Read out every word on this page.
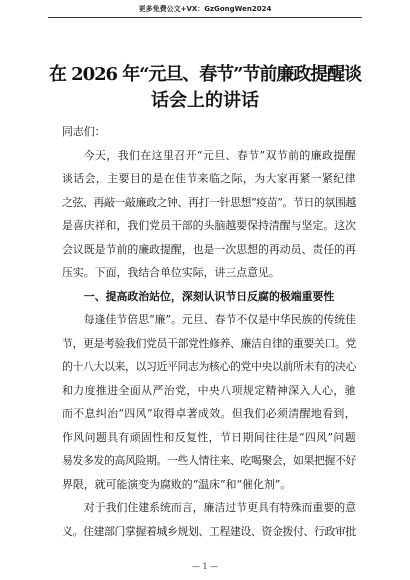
更多免费公文+VX：GzGongWen2024
在 2026 年“元旦、春节”节前廉政提醒谈
话会上的讲话
同志们：
今天，我们在这里召开“元旦、春节”双节前的廉政提醒
谈话会，主要目的是在佳节来临之际，为大家再紧一紧纪律
之弦、再敲一敲廉政之钟、再打一针思想“疫苗”。节日的氛围越
是喜庆祥和，我们党员干部的头脑越要保持清醒与坚定。这次
会议既是节前的廉政提醒，也是一次思想的再动员、责任的再
压实。下面，我结合单位实际，讲三点意见。
一、提高政治站位，深刻认识节日反腐的极端重要性
每逢佳节倍思“廉”。元旦、春节不仅是中华民族的传统佳
节，更是考验我们党员干部党性修养、廉洁自律的重要关口。党
的十八大以来，以习近平同志为核心的党中央以前所未有的决心
和力度推进全面从严治党，中央八项规定精神深入人心，驰
而不息纠治“四风”取得卓著成效。但我们必须清醒地看到，
作风问题具有顽固性和反复性，节日期间往往是“四风”问题
易发多发的高风险期。一些人情往来、吃喝聚会，如果把握不好
界限，就可能演变为腐败的“温床”和“催化剂”。
对于我们住建系统而言，廉洁过节更具有特殊而重要的意
义。住建部门掌握着城乡规划、工程建设、资金拨付、行政审批
— 1 —
